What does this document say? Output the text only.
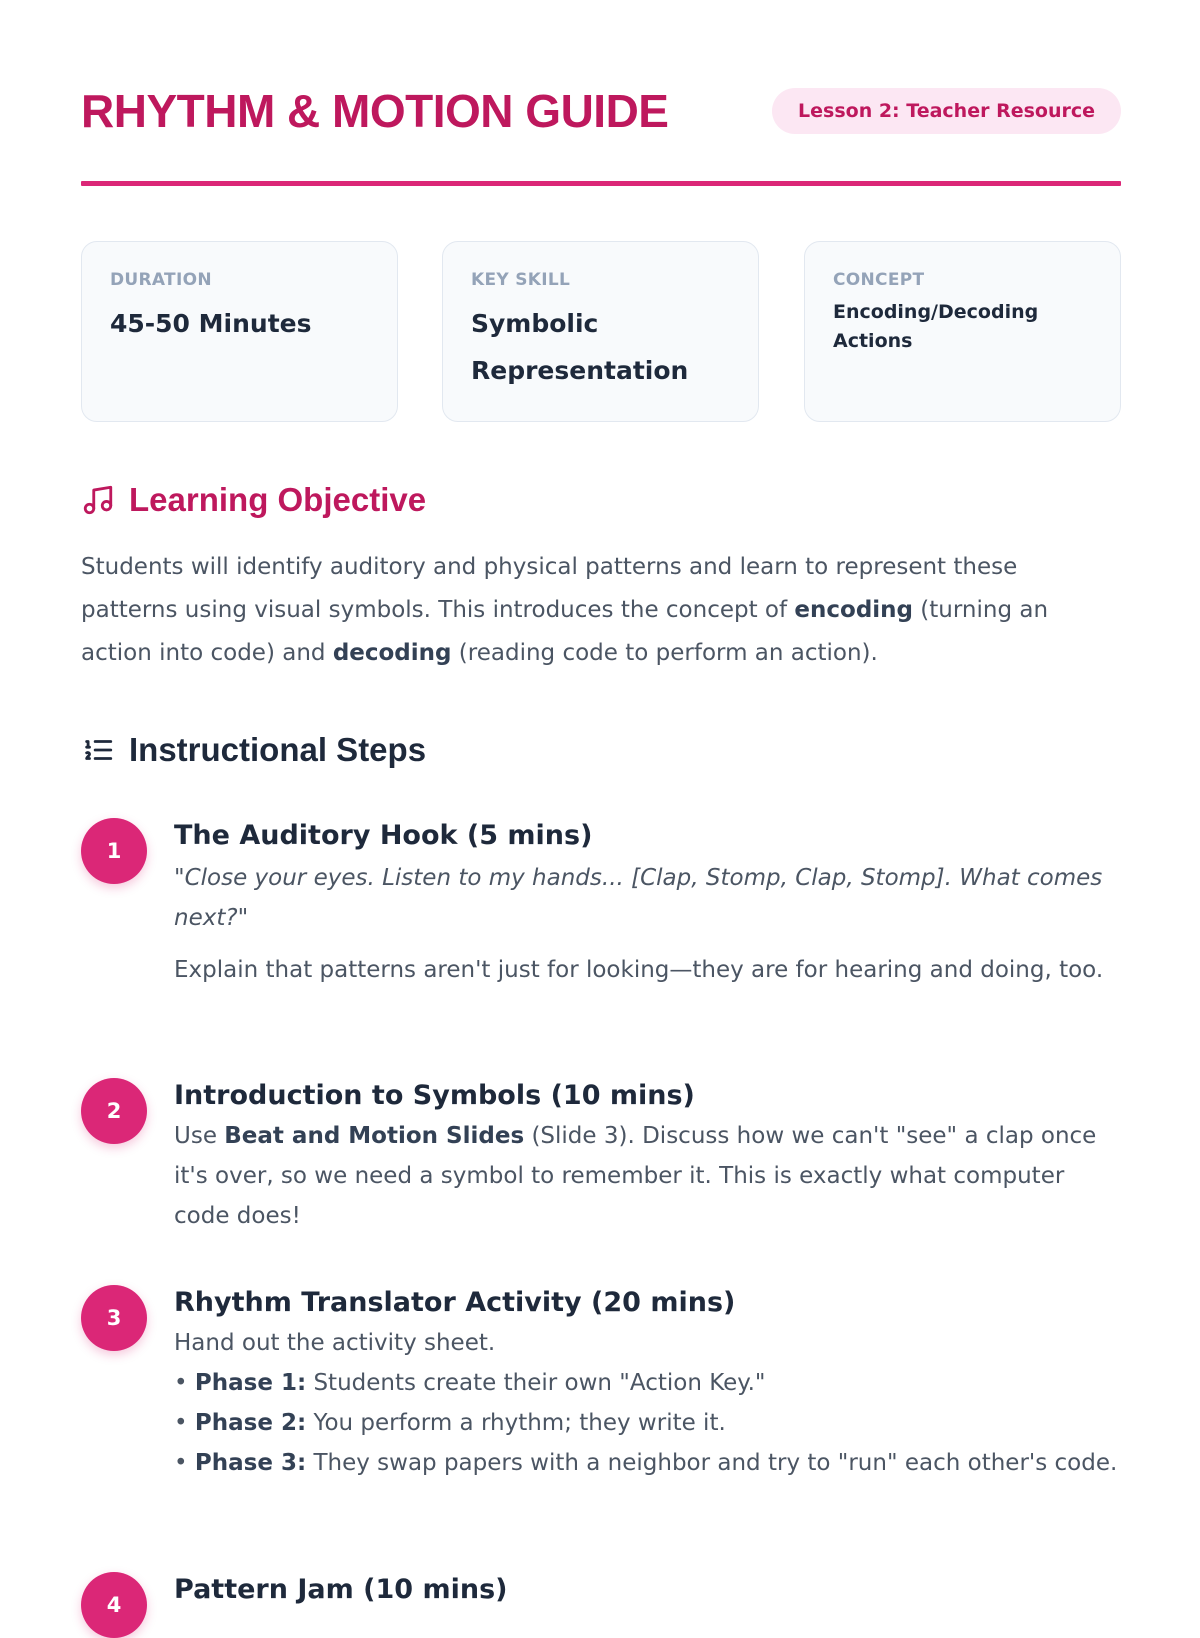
RHYTHM & MOTION GUIDE	Lesson 2: Teacher Resource
DURATION
45-50 Minutes
KEY SKILL
Symbolic Representation
CONCEPT
Encoding/Decoding Actions
Learning Objective

Students will identify auditory and physical patterns and learn to represent these patterns using visual symbols. This introduces the concept of encoding (turning an action into code) and decoding (reading code to perform an action).

Instructional Steps
1	The Auditory Hook (5 mins)

"Close your eyes. Listen to my hands... [Clap, Stomp, Clap, Stomp]. What comes next?"

Explain that patterns aren't just for looking—they are for hearing and doing, too.

2	Introduction to Symbols (10 mins)

Use Beat and Motion Slides (Slide 3). Discuss how we can't "see" a clap once it's over, so we need a symbol to remember it. This is exactly what computer code does!

3	Rhythm Translator Activity (20 mins)

Hand out the activity sheet.

• Phase 1: Students create their own "Action Key."

• Phase 2: You perform a rhythm; they write it.

• Phase 3: They swap papers with a neighbor and try to "run" each other's code.

4	Pattern Jam (10 mins)
